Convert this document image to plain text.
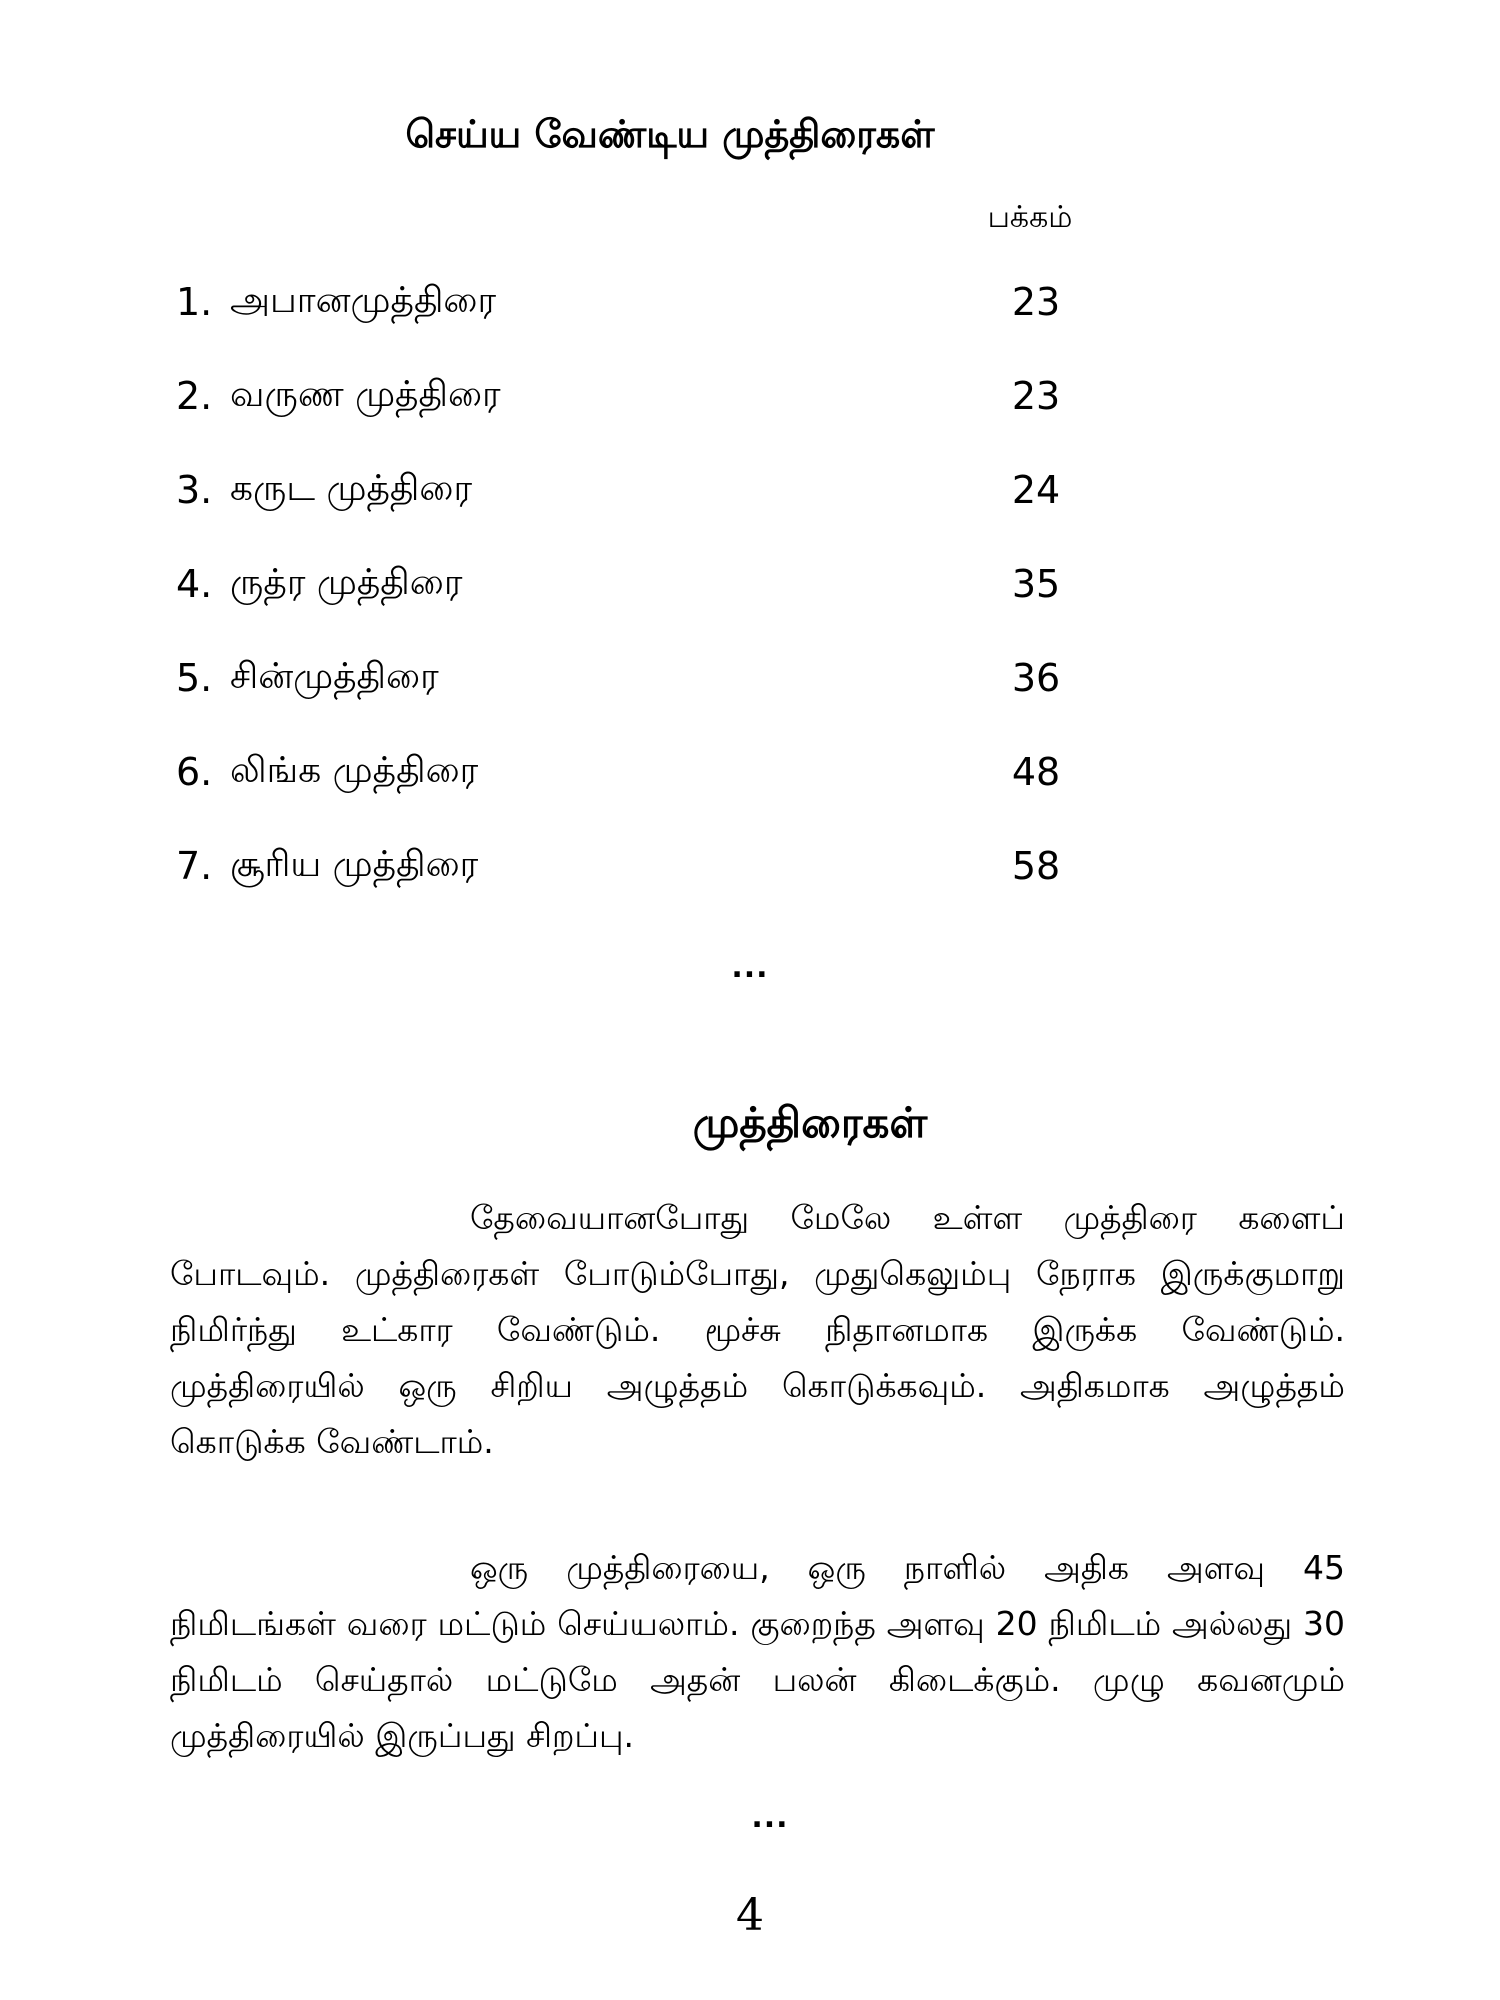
செய்ய வேண்டிய முத்திரைகள்
பக்கம்
1. அபானமுத்திரை	23
2. வருண முத்திரை	23
3. கருட முத்திரை	24
4. ருத்ர முத்திரை	35
5. சின்முத்திரை	36
6. லிங்க முத்திரை	48
7. சூரிய முத்திரை	58
...
முத்திரைகள்

தேவையானபோது மேலே உள்ள முத்திரை களைப் போடவும். முத்திரைகள் போடும்போது, முதுகெலும்பு நேராக இருக்குமாறு நிமிர்ந்து உட்கார வேண்டும். மூச்சு நிதானமாக இருக்க வேண்டும். முத்திரையில் ஒரு சிறிய அழுத்தம் கொடுக்கவும். அதிகமாக அழுத்தம் கொடுக்க வேண்டாம்.

ஒரு முத்திரையை, ஒரு நாளில் அதிக அளவு 45 நிமிடங்கள் வரை மட்டும் செய்யலாம். குறைந்த அளவு 20 நிமிடம் அல்லது 30 நிமிடம் செய்தால் மட்டுமே அதன் பலன் கிடைக்கும். முழு கவனமும் முத்திரையில் இருப்பது சிறப்பு.

...
4
